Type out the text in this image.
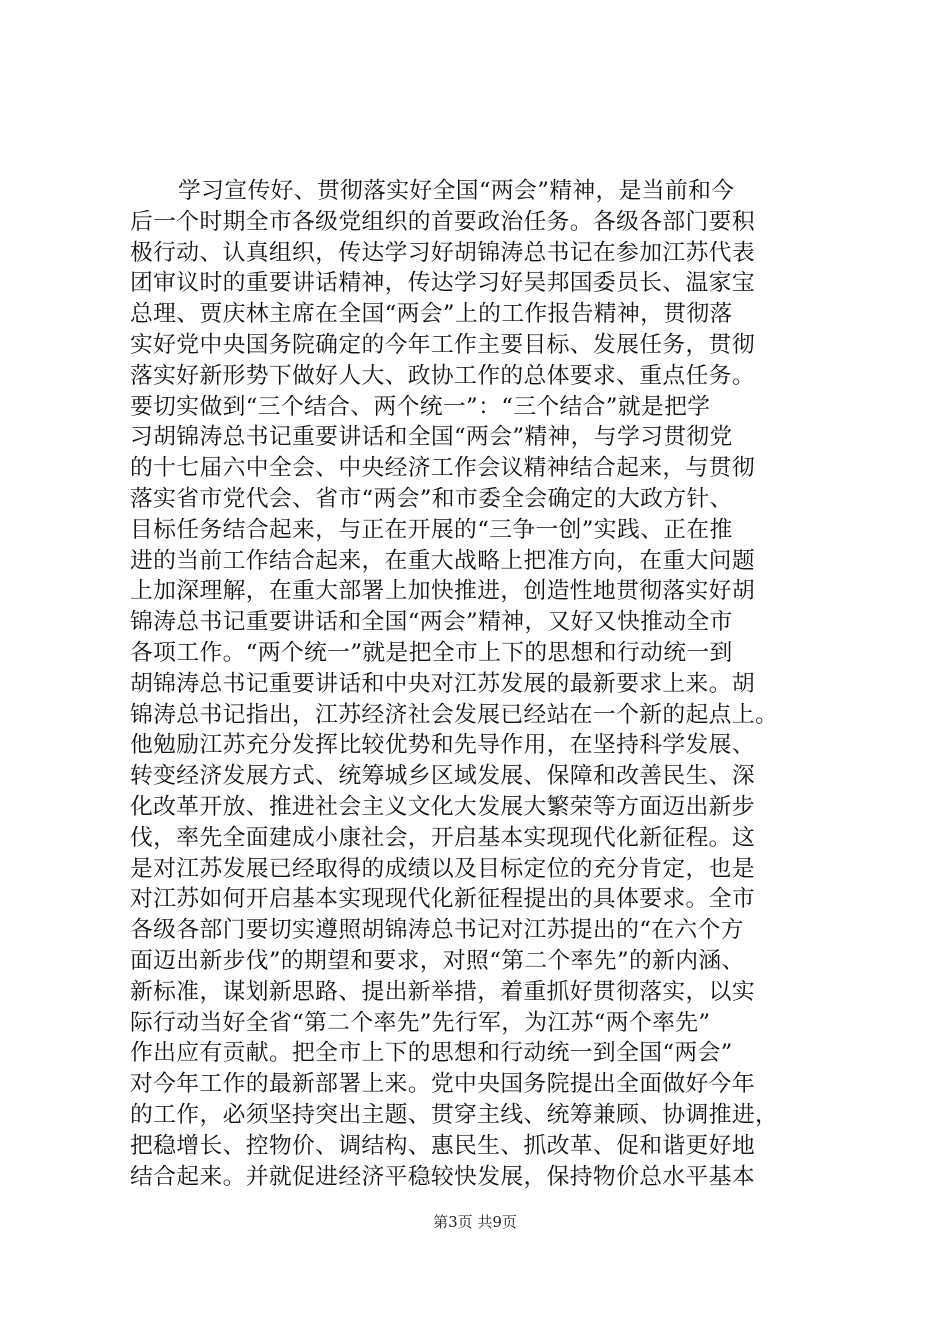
学习宣传好、贯彻落实好全国“两会”精神，是当前和今
后一个时期全市各级党组织的首要政治任务。各级各部门要积
极行动、认真组织，传达学习好胡锦涛总书记在参加江苏代表
团审议时的重要讲话精神，传达学习好吴邦国委员长、温家宝
总理、贾庆林主席在全国“两会”上的工作报告精神，贯彻落
实好党中央国务院确定的今年工作主要目标、发展任务，贯彻
落实好新形势下做好人大、政协工作的总体要求、重点任务。
要切实做到“三个结合、两个统一”：“三个结合”就是把学
习胡锦涛总书记重要讲话和全国“两会”精神，与学习贯彻党
的十七届六中全会、中央经济工作会议精神结合起来，与贯彻
落实省市党代会、省市“两会”和市委全会确定的大政方针、
目标任务结合起来，与正在开展的“三争一创”实践、正在推
进的当前工作结合起来，在重大战略上把准方向，在重大问题
上加深理解，在重大部署上加快推进，创造性地贯彻落实好胡
锦涛总书记重要讲话和全国“两会”精神，又好又快推动全市
各项工作。“两个统一”就是把全市上下的思想和行动统一到
胡锦涛总书记重要讲话和中央对江苏发展的最新要求上来。胡
锦涛总书记指出，江苏经济社会发展已经站在一个新的起点上。
他勉励江苏充分发挥比较优势和先导作用，在坚持科学发展、
转变经济发展方式、统筹城乡区域发展、保障和改善民生、深
化改革开放、推进社会主义文化大发展大繁荣等方面迈出新步
伐，率先全面建成小康社会，开启基本实现现代化新征程。这
是对江苏发展已经取得的成绩以及目标定位的充分肯定，也是
对江苏如何开启基本实现现代化新征程提出的具体要求。全市
各级各部门要切实遵照胡锦涛总书记对江苏提出的“在六个方
面迈出新步伐”的期望和要求，对照“第二个率先”的新内涵、
新标准，谋划新思路、提出新举措，着重抓好贯彻落实，以实
际行动当好全省“第二个率先”先行军，为江苏“两个率先”
作出应有贡献。把全市上下的思想和行动统一到全国“两会”
对今年工作的最新部署上来。党中央国务院提出全面做好今年
的工作，必须坚持突出主题、贯穿主线、统筹兼顾、协调推进，
把稳增长、控物价、调结构、惠民生、抓改革、促和谐更好地
结合起来。并就促进经济平稳较快发展，保持物价总水平基本
第3页 共9页
